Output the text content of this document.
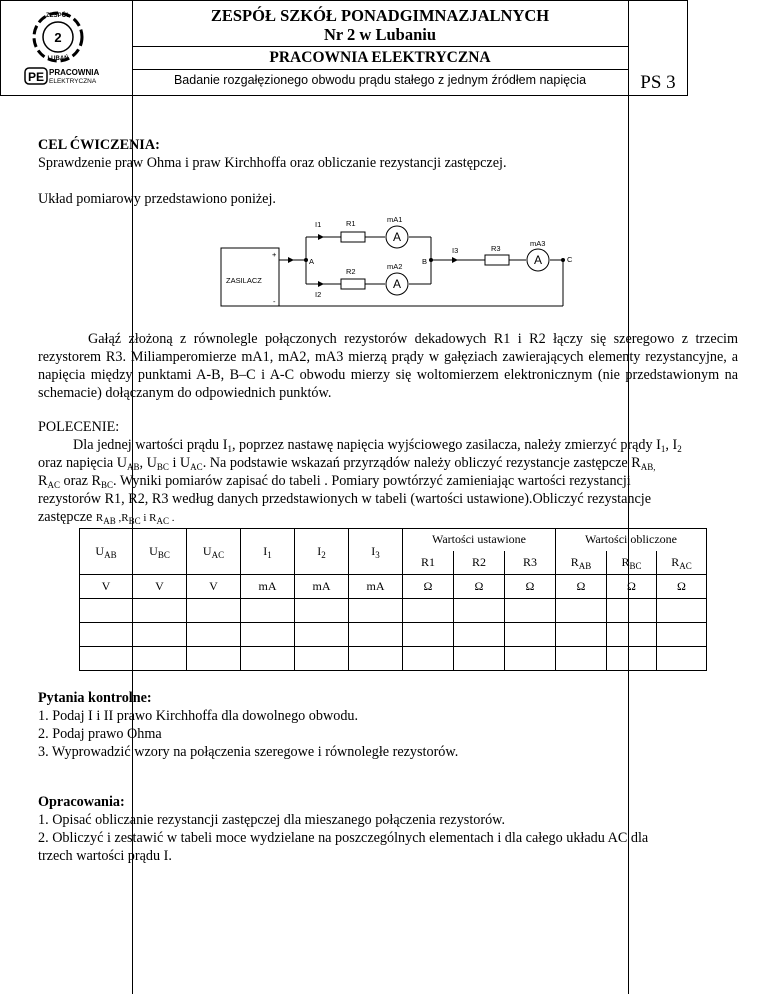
2
ZESPÓŁ
LUBAŃ
PE PRACOWNIA
ELEKTRYCZNA
ZESPÓŁ SZKÓŁ PONADGIMNAZJALNYCH
Nr 2 w Lubaniu
PRACOWNIA ELEKTRYCZNA
Badanie rozgałęzionego obwodu prądu stałego z jednym źródłem napięcia	PS 3
CEL ĆWICZENIA:
Sprawdzenie praw Ohma i praw Kirchhoffa oraz obliczanie rezystancji zastępczej.
Układ pomiarowy przedstawiono poniżej.
I1	R1	mA1
A
A
R2
mA2
A
I2
B
I3	R3
mA3
A	C
ZASILACZ
+
-
Gałąź złożoną z równolegle połączonych rezystorów dekadowych R1 i R2 łączy się szeregowo z trzecim rezystorem R3. Miliamperomierze mA1, mA2, mA3 mierzą prądy w gałęziach zawierających elementy rezystancyjne, a napięcia między punktami A-B, B–C i A-C obwodu mierzy się woltomierzem elektronicznym (nie przedstawionym na schemacie) dołączanym do odpowiednich punktów.
POLECENIE:
Dla jednej wartości prądu $I_1$, poprzez nastawę napięcia wyjściowego zasilacza, należy zmierzyć prądy $I_1$, $I_2$
oraz napięcia $U_{AB}$, $U_{BC}$ i $U_{AC}$. Na podstawie wskazań przyrządów należy obliczyć rezystancje zastępcze $R_{AB,}$
$R_{AC}$ oraz $R_{BC}$. Wyniki pomiarów zapisać do tabeli . Pomiary powtórzyć zamieniając wartości rezystancji
rezystorów R1, R2, R3 według danych przedstawionych w tabeli (wartości ustawione).Obliczyć rezystancje
zastępcze $R_{AB}$ $,R_{BC}$ i $R_{AC}$ .
$U_{AB}$	$U_{BC}$	$U_{AC}$	$I_1$	$I_2$	$I_3$	Wartości ustawione			Wartości obliczone		
						R1	R2	R3	$R_{AB}$	$R_{BC}$	$R_{AC}$
V	V	V	mA	mA	mA	Ω	Ω	Ω	Ω	Ω	Ω

Pytania kontrolne:
1. Podaj I i II prawo Kirchhoffa dla dowolnego obwodu.
2. Podaj prawo Ohma
3. Wyprowadzić wzory na połączenia szeregowe i równoległe rezystorów.
Opracowania:
1. Opisać obliczanie rezystancji zastępczej dla mieszanego połączenia rezystorów.
2. Obliczyć i zestawić w tabeli moce wydzielane na poszczególnych elementach i dla całego układu AC dla
trzech wartości prądu I.
